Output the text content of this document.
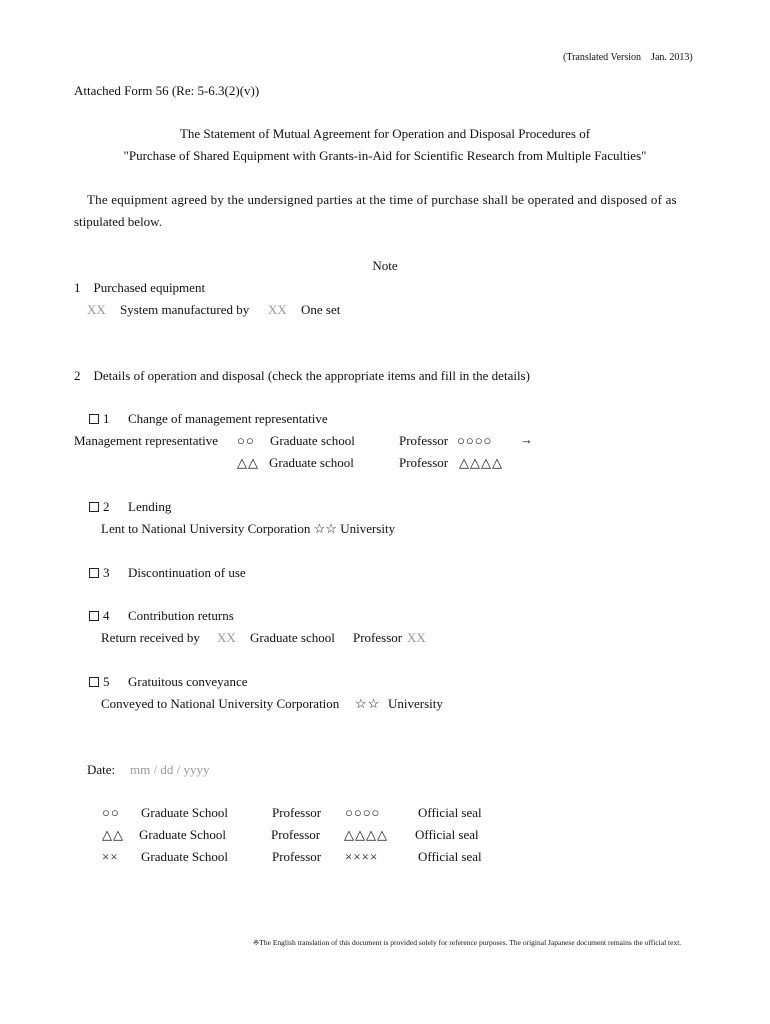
(Translated Version　Jan. 2013)
Attached Form 56 (Re: 5-6.3(2)(v))
The Statement of Mutual Agreement for Operation and Disposal Procedures of
"Purchase of Shared Equipment with Grants-in-Aid for Scientific Research from Multiple Faculties"
The equipment agreed by the undersigned parties at the time of purchase shall be operated and disposed of as
stipulated below.
Note
1　Purchased equipment
XX System manufactured by XX One set
2　Details of operation and disposal (check the appropriate items and fill in the details)
1 Change of management representative
Management representative ○○ Graduate school	Professor ○○○○ →
△△ Graduate school	Professor △△△△
2 Lending
Lent to National University Corporation ☆☆ University
3 Discontinuation of use
4 Contribution returns
Return received by XX Graduate school Professor XX
5 Gratuitous conveyance
Conveyed to National University Corporation ☆☆ University
Date: mm / dd / yyyy
○○ Graduate School	Professor ○○○○	Official seal
△△ Graduate School	Professor △△△△ Official seal
×× Graduate School	Professor ××××	Official seal
※The English translation of this document is provided solely for reference purposes. The original Japanese document remains the official text.
